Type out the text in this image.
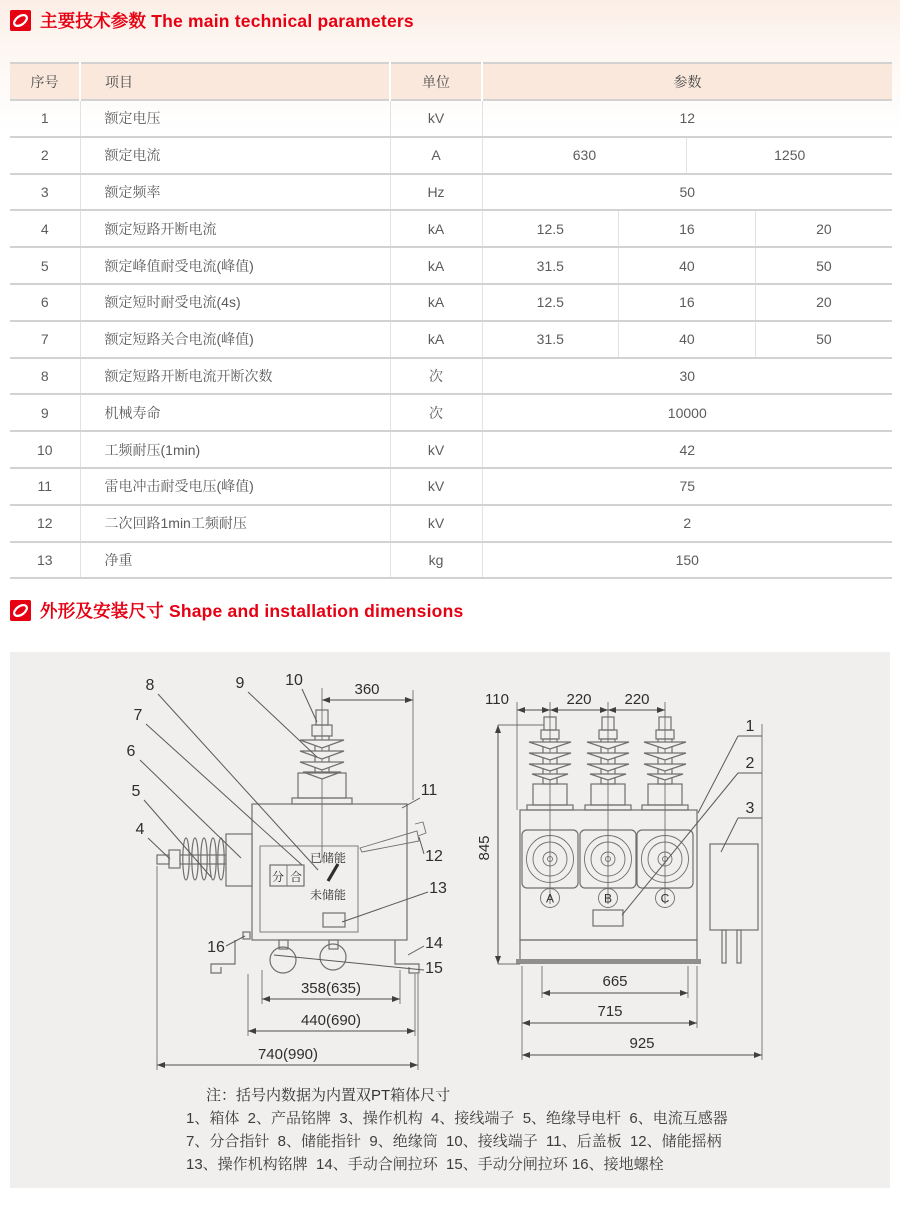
主要技术参数 The main technical parameters
序号	项目	单位	参数			
1	额定电压	kV	12			
2	额定电流	A	630		1250	
3	额定频率	Hz	50			
4	额定短路开断电流	kA	12.5	16		20
5	额定峰值耐受电流(峰值)	kA	31.5	40		50
6	额定短时耐受电流(4s)	kA	12.5	16		20
7	额定短路关合电流(峰值)	kA	31.5	40		50
8	额定短路开断电流开断次数	次	30			
9	机械寿命	次	10000			
10	工频耐压(1min)	kV	42			
11	雷电冲击耐受电压(峰值)	kV	75			
12	二次回路1min工频耐压	kV	2			
13	净重	kg	150			
外形及安装尺寸 Shape and installation dimensions
360
分 合
已储能
未储能
358(635)
440(690)
740(990)
8
7
6
5
4
9	10
11
12
13
14
15
16
110	220 220
A	B	C
1
2
3
845
665
715
925
注：括号内数据为内置双PT箱体尺寸
1、箱体  2、产品铭牌  3、操作机构  4、接线端子  5、绝缘导电杆  6、电流互感器
7、分合指针  8、储能指针  9、绝缘筒  10、接线端子  11、后盖板  12、储能摇柄
13、操作机构铭牌  14、手动合闸拉环  15、手动分闸拉环 16、接地螺栓
